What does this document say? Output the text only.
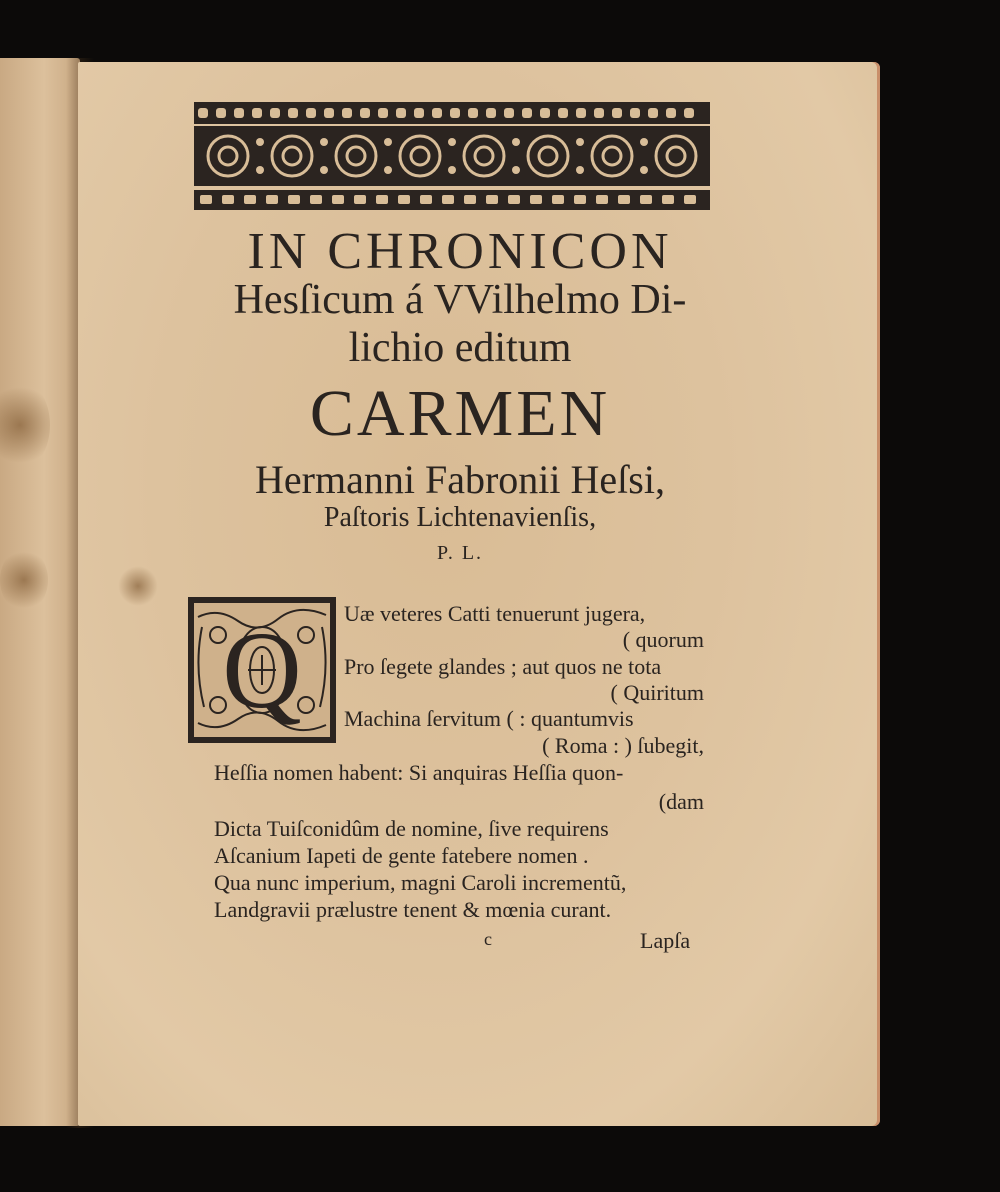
IN CHRONICON
Hesſicum á VVilhelmo Di-
lichio editum
CARMEN
Hermanni Fabronii Heſsi,
Paſtoris Lichtenavienſis,
P. L.
Q Uæ veteres Catti tenuerunt jugera,
( quorum
Pro ſegete glandes ; aut quos ne tota
( Quiritum
Machina ſervitum ( : quantumvis
( Roma : ) ſubegit,
Heſſia nomen habent: Si anquiras Heſſia quon-
(dam
Dicta Tuiſconidûm de nomine, ſive requirens
Aſcanium Iapeti de gente fatebere nomen .
Qua nunc imperium, magni Caroli incrementũ,
Landgravii prælustre tenent & mœnia curant.
c	Lapſa
